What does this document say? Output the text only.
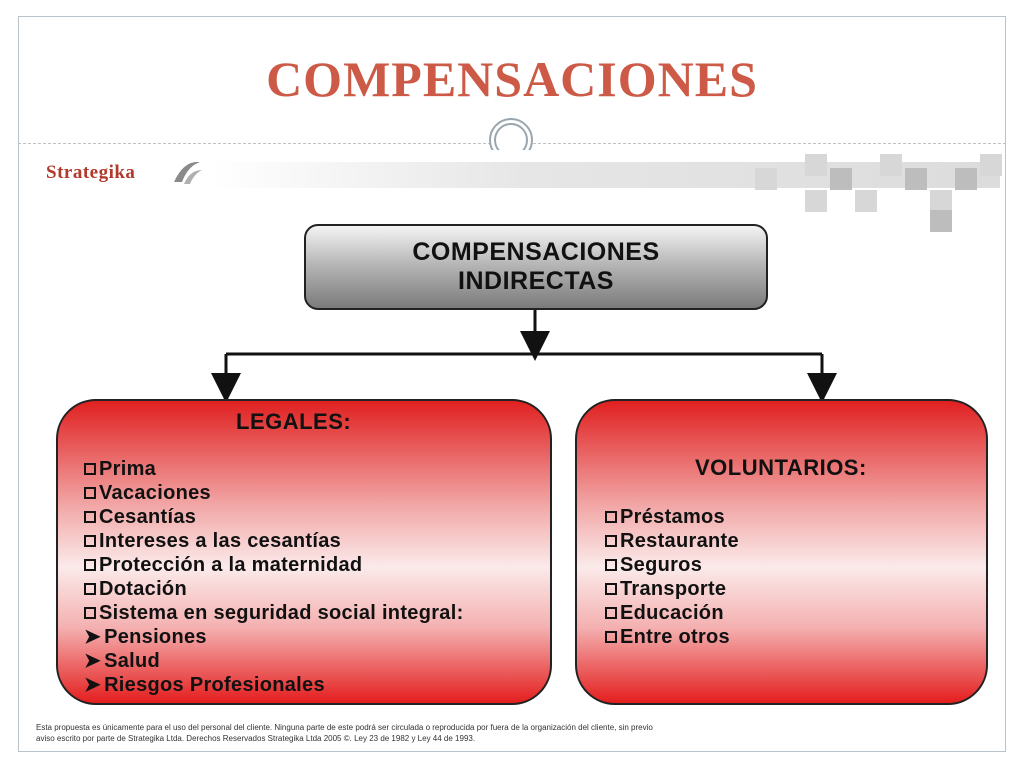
COMPENSACIONES
Strategika
COMPENSACIONES
INDIRECTAS
LEGALES:
Prima
Vacaciones
Cesantías
Intereses a las cesantías
Protección a la maternidad
Dotación
Sistema en seguridad social integral:
➤ Pensiones
➤ Salud
➤ Riesgos Profesionales
VOLUNTARIOS:
Préstamos
Restaurante
Seguros
Transporte
Educación
Entre otros
Esta propuesta es únicamente para el uso del personal del cliente. Ninguna parte de este podrá ser circulada o reproducida por fuera de la organización del cliente, sin previo
aviso escrito por parte de Strategika Ltda. Derechos Reservados Strategika Ltda 2005 ©. Ley 23 de 1982 y Ley 44 de 1993.
